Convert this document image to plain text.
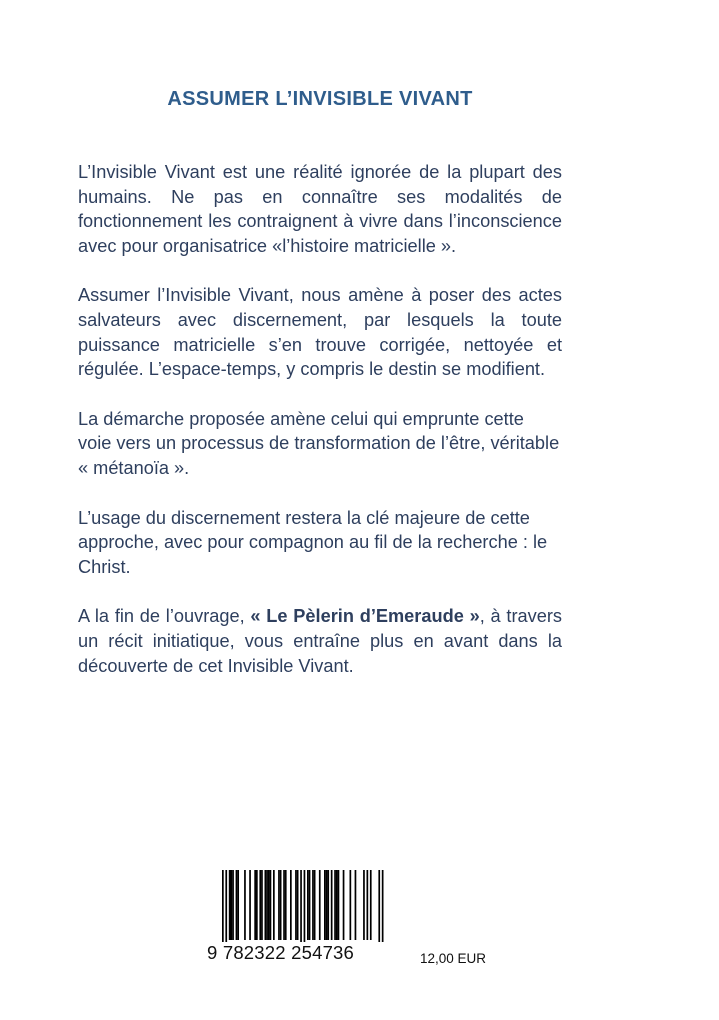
ASSUMER L’INVISIBLE VIVANT

L’Invisible Vivant est une réalité ignorée de la plupart des humains. Ne pas en connaître ses modalités de fonctionnement les contraignent à vivre dans l’inconscience avec pour organisatrice «l’histoire matricielle ».

Assumer l’Invisible Vivant, nous amène à poser des actes salvateurs avec discernement, par lesquels la toute puissance matricielle s’en trouve corrigée, nettoyée et régulée. L’espace-temps, y compris le destin se modifient.

La démarche proposée amène celui qui emprunte cette voie vers un processus de transformation de l’être, véritable « métanoïa ».

L’usage du discernement restera la clé majeure de cette approche, avec pour compagnon au fil de la recherche : le Christ.

A la fin de l’ouvrage, « Le Pèlerin d’Emeraude », à travers un récit initiatique, vous entraîne plus en avant dans la découverte de cet Invisible Vivant.

9 782322 254736	12,00 EUR
